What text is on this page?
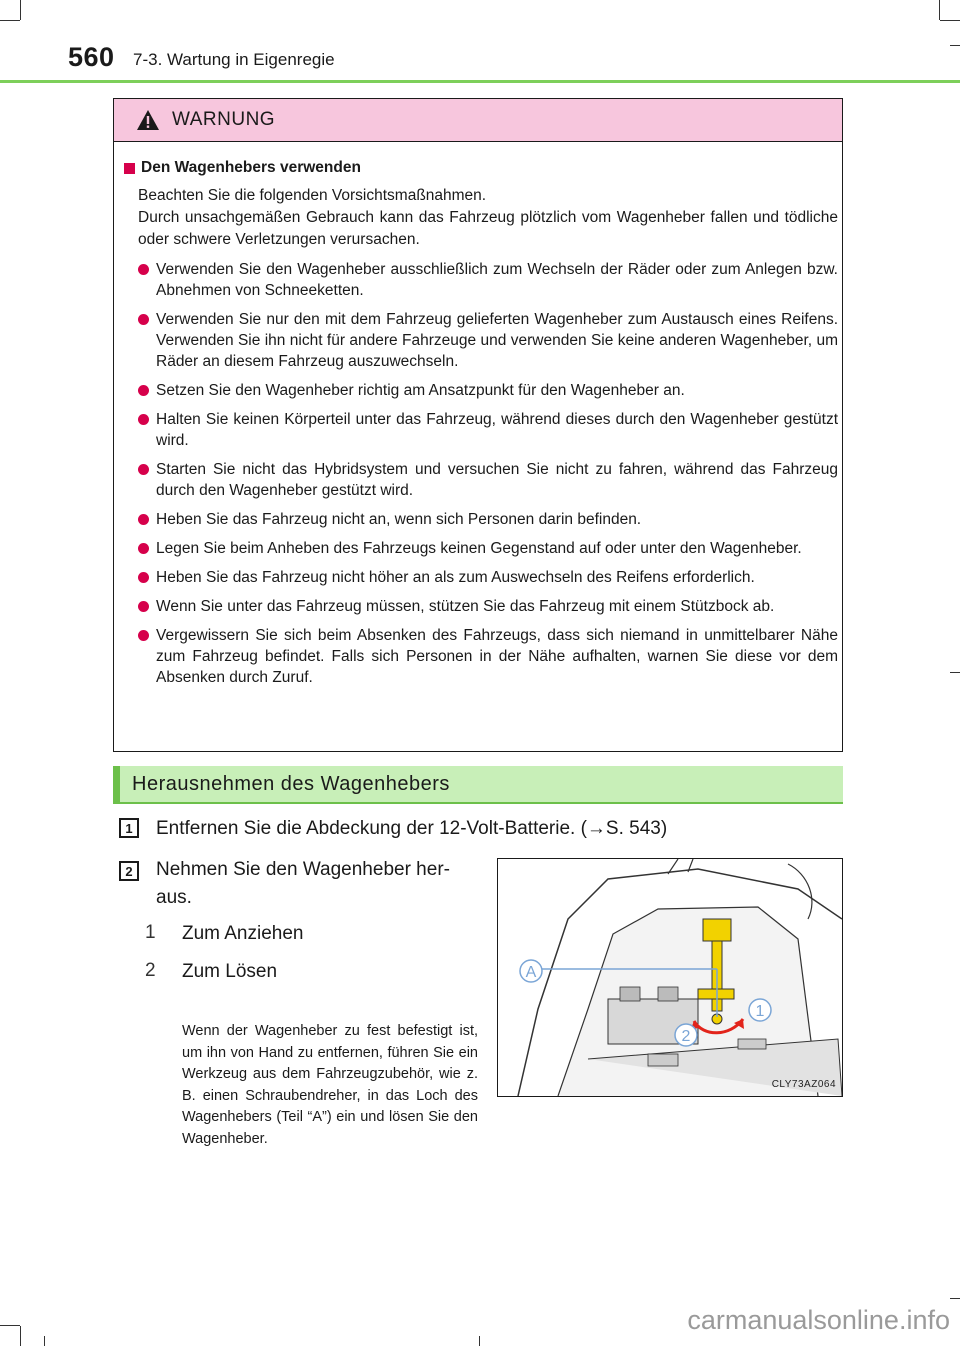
560 7-3. Wartung in Eigenregie
WARNUNG
Den Wagenhebers verwenden

Beachten Sie die folgenden Vorsichtsmaßnahmen.

Durch unsachgemäßen Gebrauch kann das Fahrzeug plötzlich vom Wagenheber fallen und tödliche oder schwere Verletzungen verursachen.

Verwenden Sie den Wagenheber ausschließlich zum Wechseln der Räder oder zum Anlegen bzw. Abnehmen von Schneeketten.
Verwenden Sie nur den mit dem Fahrzeug gelieferten Wagenheber zum Austausch eines Reifens. Verwenden Sie ihn nicht für andere Fahrzeuge und verwenden Sie keine anderen Wagenheber, um Räder an diesem Fahrzeug auszuwechseln.
Setzen Sie den Wagenheber richtig am Ansatzpunkt für den Wagenheber an.
Halten Sie keinen Körperteil unter das Fahrzeug, während dieses durch den Wagenheber gestützt wird.
Starten Sie nicht das Hybridsystem und versuchen Sie nicht zu fahren, während das Fahrzeug durch den Wagenheber gestützt wird.
Heben Sie das Fahrzeug nicht an, wenn sich Personen darin befinden.
Legen Sie beim Anheben des Fahrzeugs keinen Gegenstand auf oder unter den Wagenheber.
Heben Sie das Fahrzeug nicht höher an als zum Auswechseln des Reifens erforderlich.
Wenn Sie unter das Fahrzeug müssen, stützen Sie das Fahrzeug mit einem Stützbock ab.
Vergewissern Sie sich beim Absenken des Fahrzeugs, dass sich niemand in unmittelbarer Nähe zum Fahrzeug befindet. Falls sich Personen in der Nähe aufhalten, warnen Sie diese vor dem Absenken durch Zuruf.
Herausnehmen des Wagenhebers
1	Entfernen Sie die Abdeckung der 12-Volt-Batterie. (→S. 543)
2	Nehmen Sie den Wagenheber her-
aus.
1 Zum Anziehen
2 Zum Lösen
Wenn der Wagenheber zu fest befestigt ist, um ihn von Hand zu entfernen, führen Sie ein Werkzeug aus dem Fahrzeugzubehör, wie z. B. einen Schraubendreher, in das Loch des Wagenhebers (Teil “A”) ein und lösen Sie den Wagenheber.
A
1
2
CLY73AZ064
carmanualsonline.info
